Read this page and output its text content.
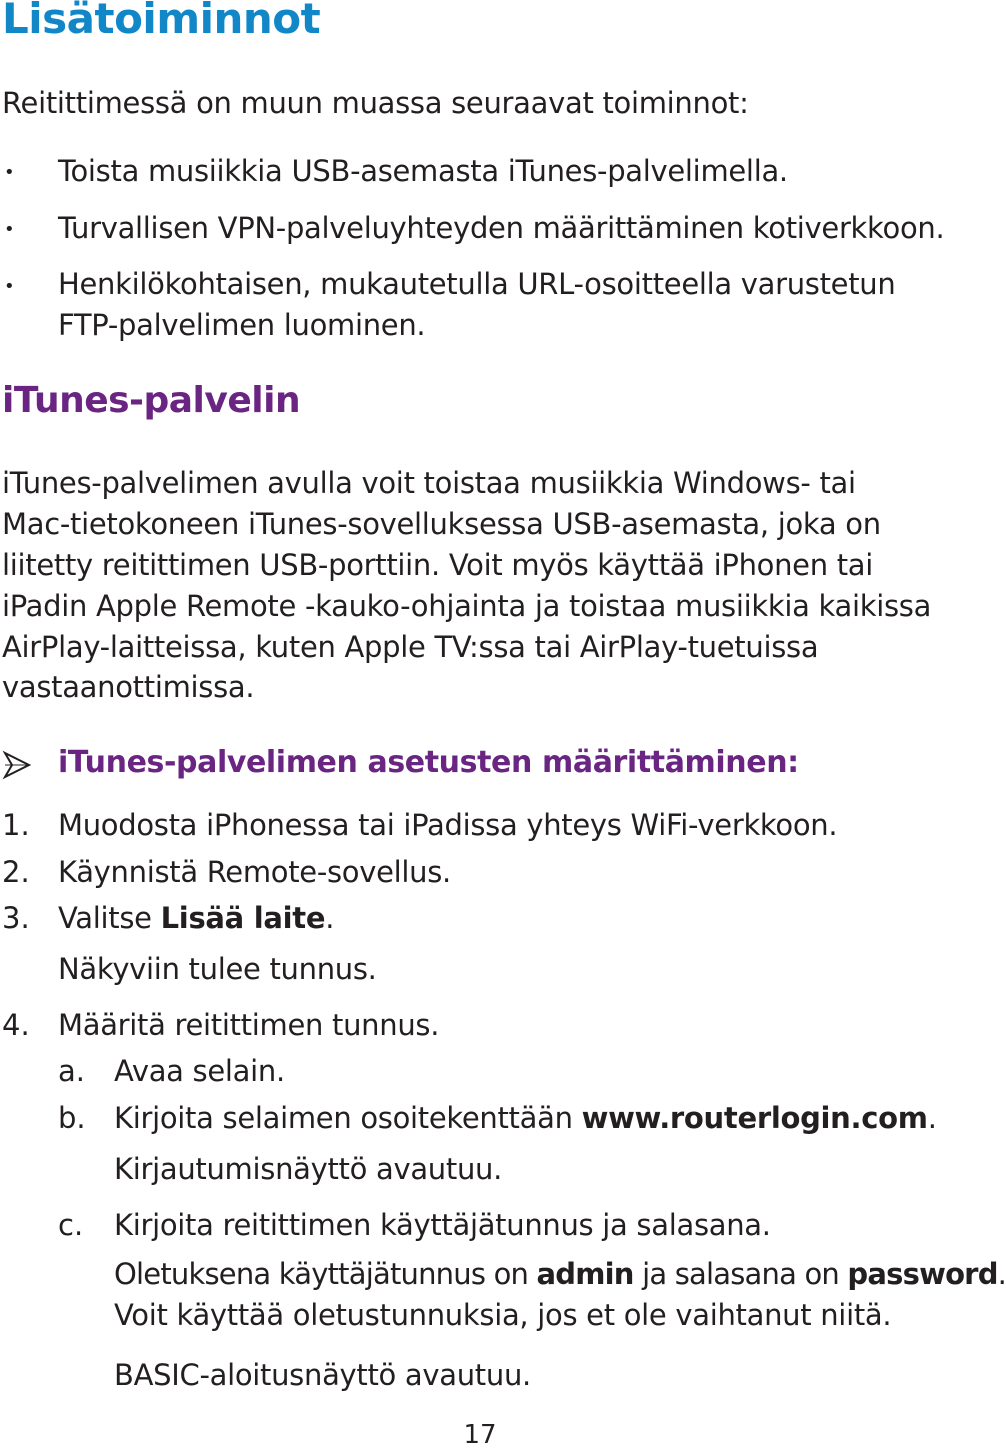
Lisätoiminnot
Reitittimessä on muun muassa seuraavat toiminnot:
• Toista musiikkia USB-asemasta iTunes-palvelimella.
• Turvallisen VPN-palveluyhteyden määrittäminen kotiverkkoon.
• Henkilökohtaisen, mukautetulla URL-osoitteella varustetun
FTP-palvelimen luominen.
iTunes-palvelin
iTunes-palvelimen avulla voit toistaa musiikkia Windows- tai
Mac-tietokoneen iTunes-sovelluksessa USB-asemasta, joka on
liitetty reitittimen USB-porttiin. Voit myös käyttää iPhonen tai
iPadin Apple Remote -kauko-ohjainta ja toistaa musiikkia kaikissa
AirPlay-laitteissa, kuten Apple TV:ssa tai AirPlay-tuetuissa
vastaanottimissa.
iTunes-palvelimen asetusten määrittäminen:
1. Muodosta iPhonessa tai iPadissa yhteys WiFi-verkkoon.
2. Käynnistä Remote-sovellus.
3. Valitse Lisää laite.
Näkyviin tulee tunnus.
4. Määritä reitittimen tunnus.
a. Avaa selain.
b. Kirjoita selaimen osoitekenttään www.routerlogin.com.
Kirjautumisnäyttö avautuu.
c. Kirjoita reitittimen käyttäjätunnus ja salasana.
Oletuksena käyttäjätunnus on admin ja salasana on password.
Voit käyttää oletustunnuksia, jos et ole vaihtanut niitä.
BASIC-aloitusnäyttö avautuu.
17
